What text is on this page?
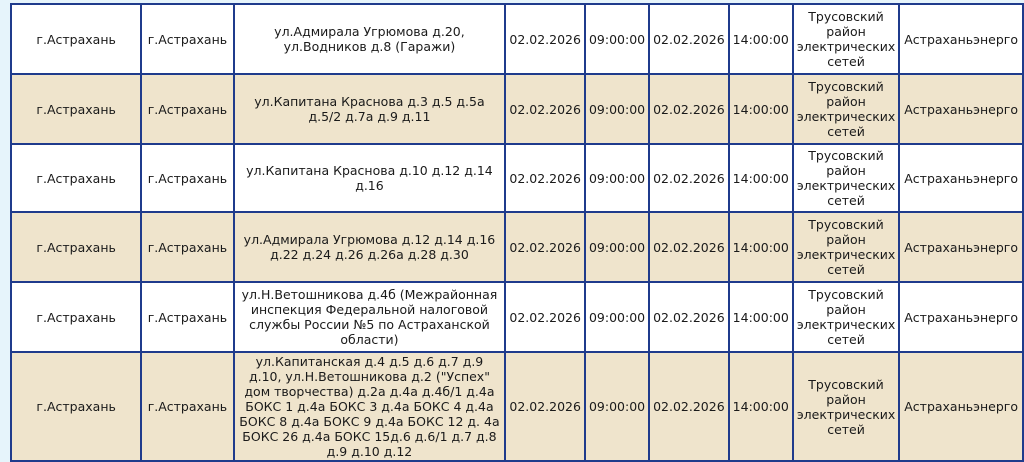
г.Астрахань	г.Астрахань	ул.Адмирала Угрюмова д.20, ул.Водников д.8 (Гаражи)	02.02.2026	09:00:00	02.02.2026	14:00:00	Трусовский район электрических сетей	Астраханьэнерго
г.Астрахань	г.Астрахань	ул.Капитана Краснова д.3 д.5 д.5а д.5/2 д.7а д.9 д.11	02.02.2026	09:00:00	02.02.2026	14:00:00	Трусовский район электрических сетей	Астраханьэнерго
г.Астрахань	г.Астрахань	ул.Капитана Краснова д.10 д.12 д.14 д.16	02.02.2026	09:00:00	02.02.2026	14:00:00	Трусовский район электрических сетей	Астраханьэнерго
г.Астрахань	г.Астрахань	ул.Адмирала Угрюмова д.12 д.14 д.16 д.22 д.24 д.26 д.26а д.28 д.30	02.02.2026	09:00:00	02.02.2026	14:00:00	Трусовский район электрических сетей	Астраханьэнерго
г.Астрахань	г.Астрахань	ул.Н.Ветошникова д.4б (Межрайонная инспекция Федеральной налоговой службы России №5 по Астраханской области)	02.02.2026	09:00:00	02.02.2026	14:00:00	Трусовский район электрических сетей	Астраханьэнерго
г.Астрахань	г.Астрахань	ул.Капитанская д.4 д.5 д.6 д.7 д.9 д.10, ул.Н.Ветошникова д.2 ("Успех" дом творчества) д.2а д.4а д.4б/1 д.4а БОКС 1 д.4а БОКС 3 д.4а БОКС 4 д.4а БОКС 8 д.4а БОКС 9 д.4а БОКС 12 д. 4а БОКС 26 д.4а БОКС 15д.6 д.6/1 д.7 д.8 д.9 д.10 д.12	02.02.2026	09:00:00	02.02.2026	14:00:00	Трусовский район электрических сетей	Астраханьэнерго
